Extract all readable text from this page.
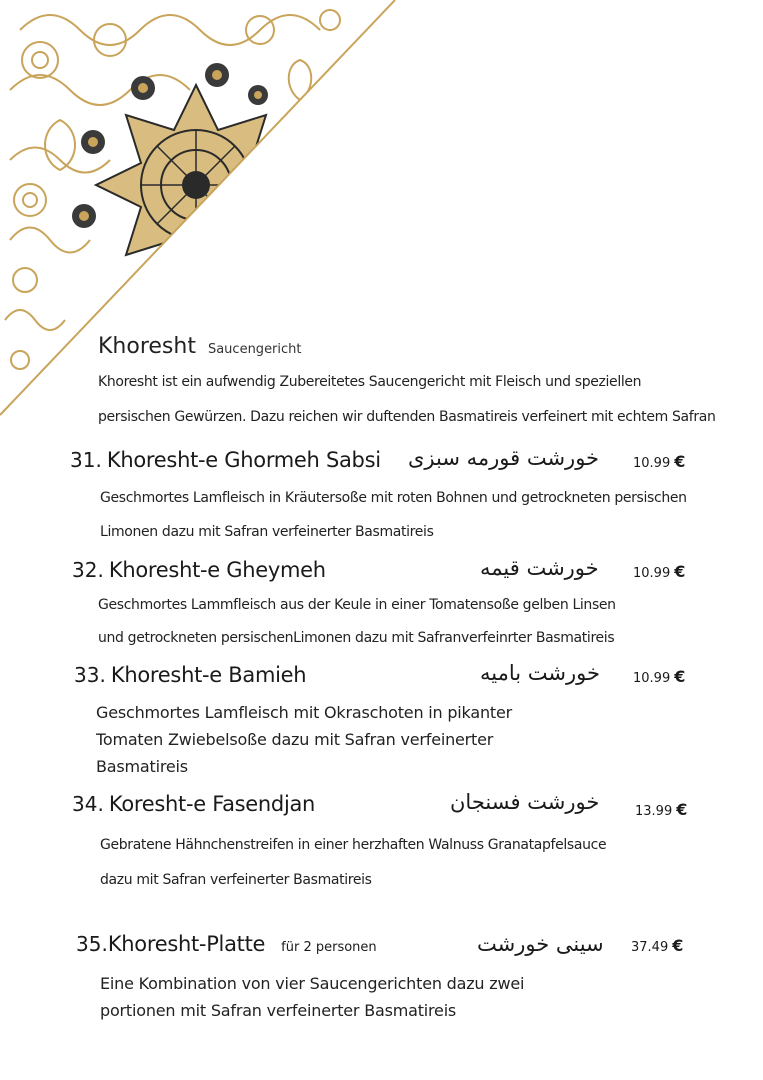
Khoresht Saucengericht
Khoresht ist ein aufwendig Zubereitetes Saucengericht mit Fleisch und speziellen
persischen Gewürzen. Dazu reichen wir duftenden Basmatireis verfeinert mit echtem Safran
31. Khoresht-e Ghormeh Sabsi خورشت قورمه سبزی	10.99 €
Geschmortes Lamfleisch in Kräutersoße mit roten Bohnen und getrockneten persischen
Limonen dazu mit Safran verfeinerter Basmatireis
32. Khoresht-e Gheymeh	خورشت قیمه	10.99 €
Geschmortes Lammfleisch aus der Keule in einer Tomatensoße gelben Linsen
und getrockneten persischenLimonen dazu mit Safranverfeinrter Basmatireis
33. Khoresht-e Bamieh	خورشت بامیه	10.99 €
Geschmortes Lamfleisch mit Okraschoten in pikanter
Tomaten Zwiebelsoße dazu mit Safran verfeinerter
Basmatireis
34. Koresht-e Fasendjan	خورشت فسنجان	13.99 €
Gebratene Hähnchenstreifen in einer herzhaften Walnuss Granatapfelsauce
dazu mit Safran verfeinerter Basmatireis
35.Khoresht-Platte für 2 personen	سینی خورشت 37.49 €
Eine Kombination von vier Saucengerichten dazu zwei
portionen mit Safran verfeinerter Basmatireis
